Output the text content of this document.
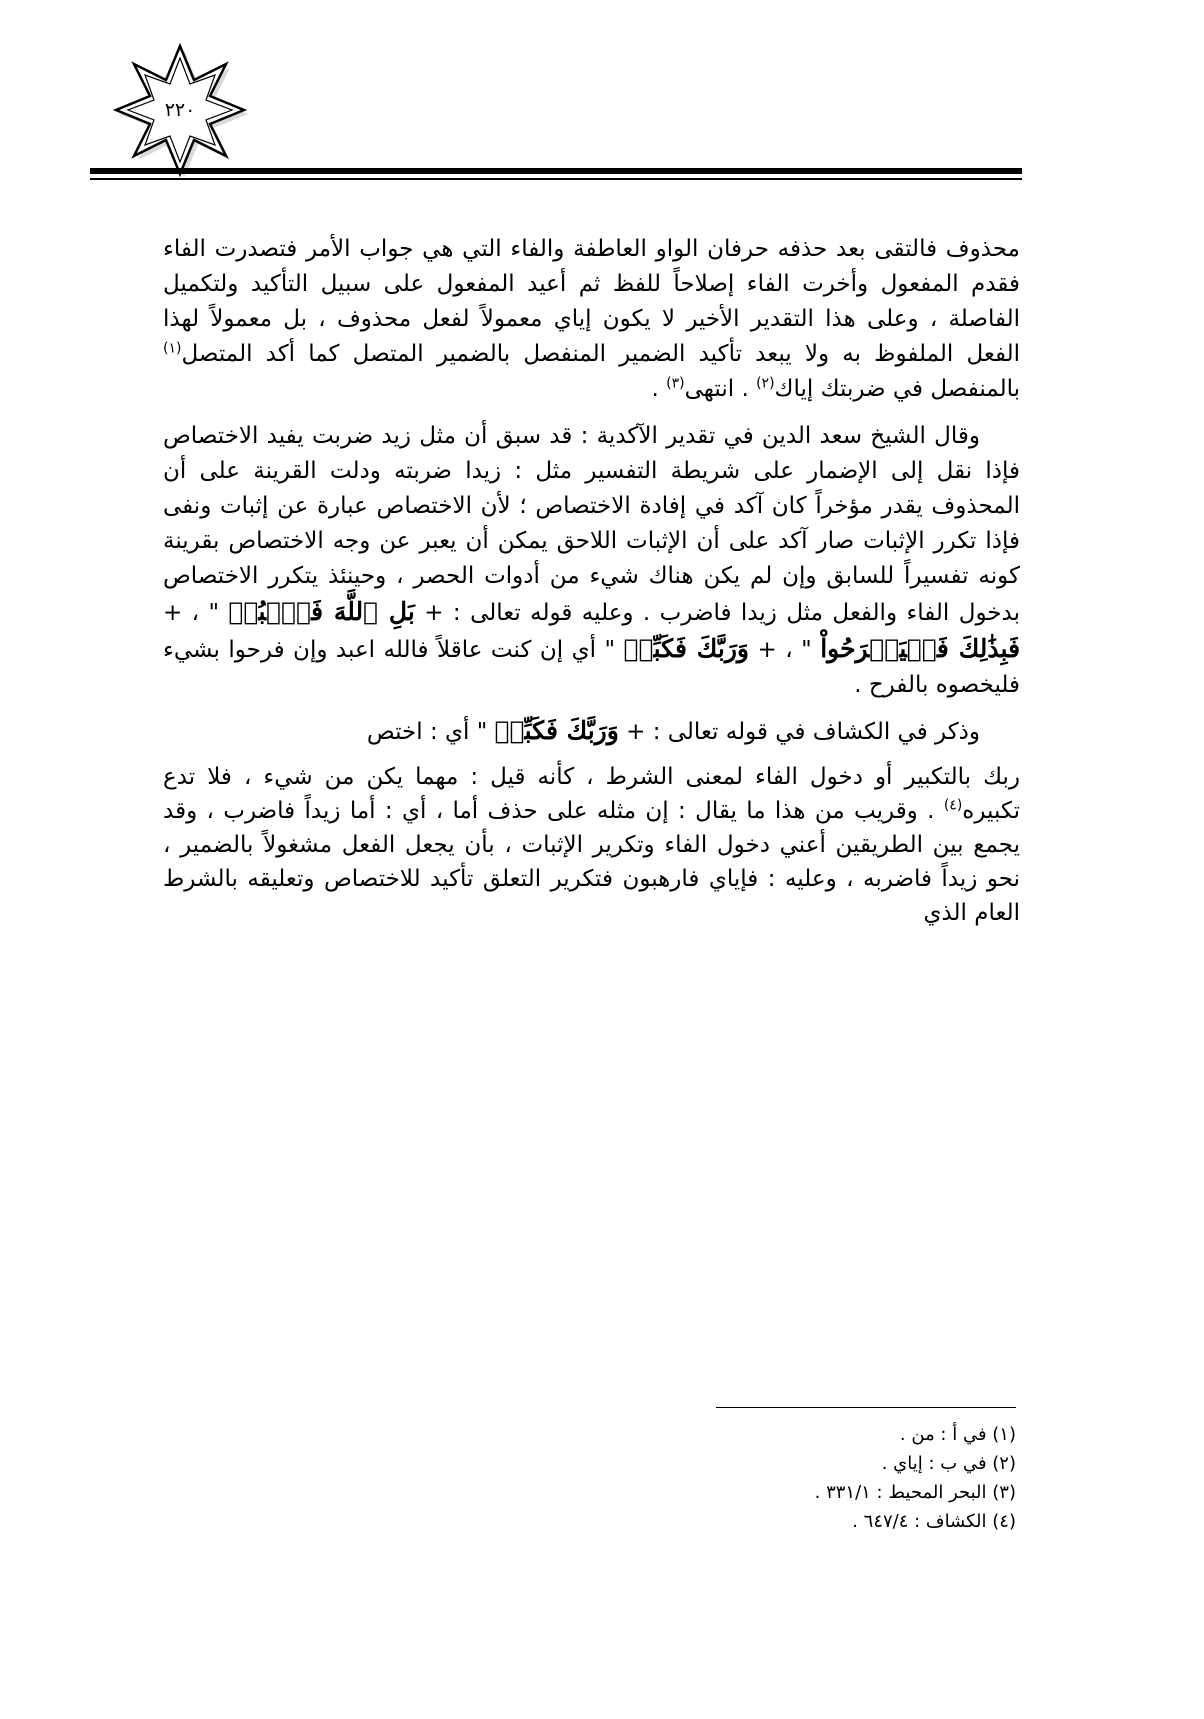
٢٢٠

محذوف فالتقى بعد حذفه حرفان الواو العاطفة والفاء التي هي جواب الأمر فتصدرت الفاء فقدم المفعول وأخرت الفاء إصلاحاً للفظ ثم أعيد المفعول على سبيل التأكيد ولتكميل الفاصلة ، وعلى هذا التقدير الأخير لا يكون إياي معمولاً لفعل محذوف ، بل معمولاً لهذا الفعل الملفوظ به ولا يبعد تأكيد الضمير المنفصل بالضمير المتصل كما أكد المتصل$^{(١)}$ بالمنفصل في ضربتك إياك$^{(٢)}$ . انتهى$^{(٣)}$ .

وقال الشيخ سعد الدين في تقدير الآكدية : قد سبق أن مثل زيد ضربت يفيد الاختصاص فإذا نقل إلى الإضمار على شريطة التفسير مثل : زيدا ضربته ودلت القرينة على أن المحذوف يقدر مؤخراً كان آكد في إفادة الاختصاص ؛ لأن الاختصاص عبارة عن إثبات ونفى فإذا تكرر الإثبات صار آكد على أن الإثبات اللاحق يمكن أن يعبر عن وجه الاختصاص بقرينة كونه تفسيراً للسابق وإن لم يكن هناك شيء من أدوات الحصر ، وحينئذ يتكرر الاختصاص بدخول الفاء والفعل مثل زيدا فاضرب . وعليه قوله تعالى : + بَلِ ٱللَّهَ فَٱعۡبُدۡ " ، + فَبِذَٰلِكَ فَلۡيَفۡرَحُواْ " ، + وَرَبَّكَ فَكَبِّرۡ " أي إن كنت عاقلاً فالله اعبد وإن فرحوا بشيء فليخصوه بالفرح .

وذكر في الكشاف في قوله تعالى : + وَرَبَّكَ فَكَبِّرۡ " أي : اختص

ربك بالتكبير أو دخول الفاء لمعنى الشرط ، كأنه قيل : مهما يكن من شيء ، فلا تدع تكبيره$^{(٤)}$ . وقريب من هذا ما يقال : إن مثله على حذف أما ، أي : أما زيداً فاضرب ، وقد يجمع بين الطريقين أعني دخول الفاء وتكرير الإثبات ، بأن يجعل الفعل مشغولاً بالضمير ، نحو زيداً فاضربه ، وعليه : فإياي فارهبون فتكرير التعلق تأكيد للاختصاص وتعليقه بالشرط العام الذي

(١) في أ : من .

(٢) في ب : إياي .

(٣) البحر المحيط : ٣٣١/١ .

(٤) الكشاف : ٦٤٧/٤ .
